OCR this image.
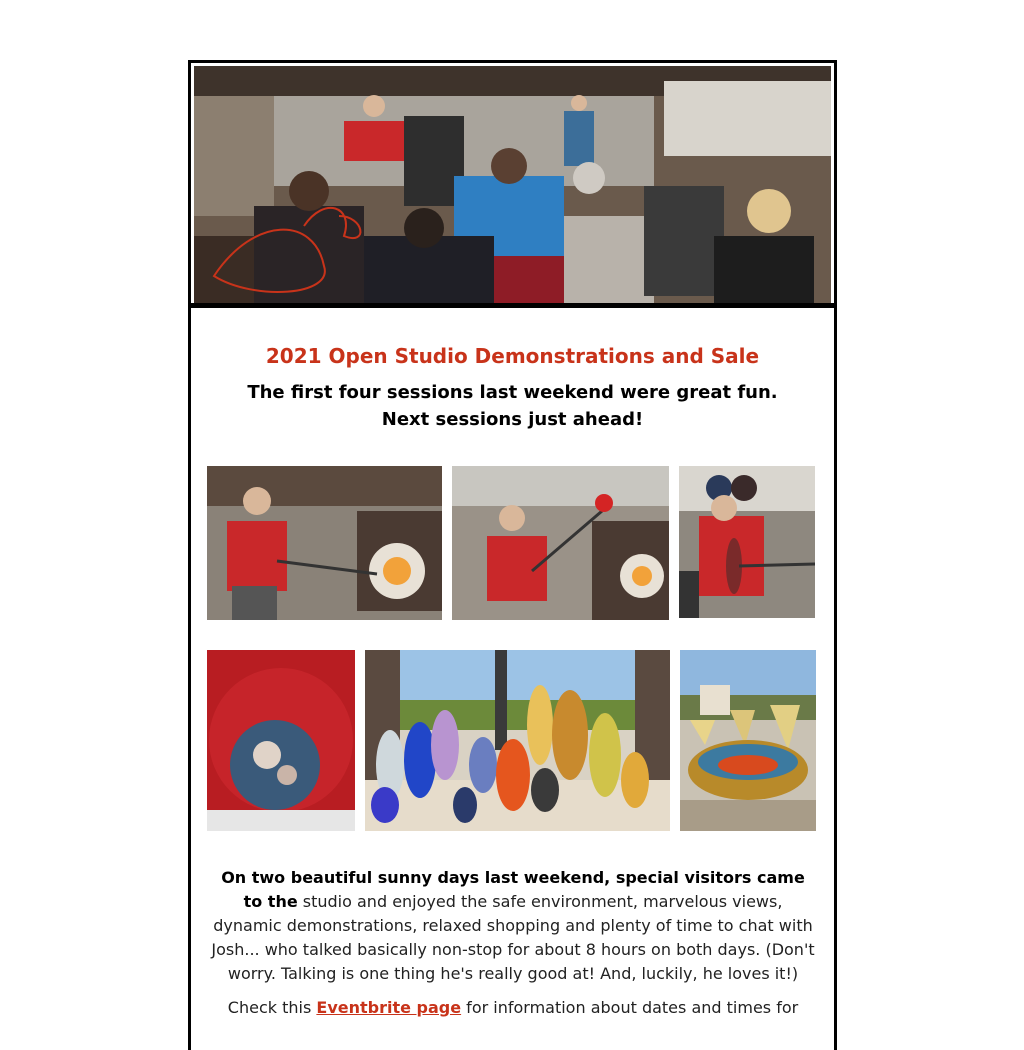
2021 Open Studio Demonstrations and Sale
The first four sessions last weekend were great fun.
Next sessions just ahead!
On two beautiful sunny days last weekend, special visitors came to the studio and enjoyed the safe environment, marvelous views, dynamic demonstrations, relaxed shopping and plenty of time to chat with Josh... who talked basically non-stop for about 8 hours on both days. (Don't worry. Talking is one thing he's really good at! And, luckily, he loves it!)
Check this Eventbrite page for information about dates and times for
